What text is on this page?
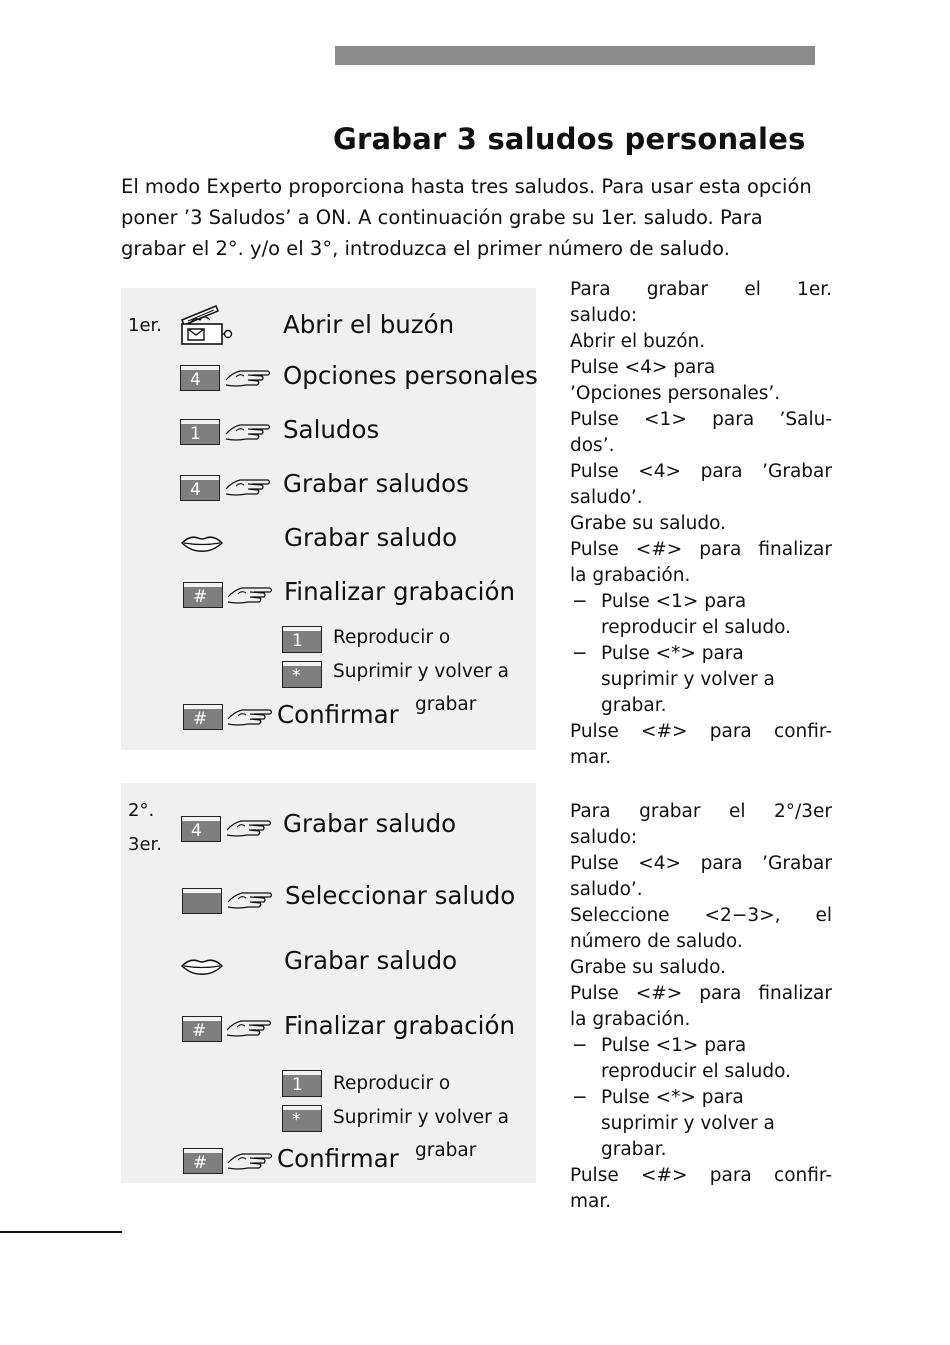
Grabar 3 saludos personales
El modo Experto proporciona hasta tres saludos. Para usar esta opción
poner ’3 Saludos’ a ON. A continuación grabe su 1er. saludo. Para
grabar el 2°. y/o el 3°, introduzca el primer número de saludo.
1er.	Abrir el buzón
4	Opciones personales
1	Saludos
4	Grabar saludos
Grabar saludo
#	Finalizar grabación
1	Reproducir o
*	Suprimir y volver a
grabar
#	Confirmar
2°.
3er.
4	Grabar saludo
Seleccionar saludo
Grabar saludo
#	Finalizar grabación
1	Reproducir o
*	Suprimir y volver a
grabar
#	Confirmar
Para grabar el 1er.
saludo:
Abrir el buzón.
Pulse <4> para
’Opciones personales’.
Pulse <1> para ’Salu-
dos’.
Pulse <4> para ’Grabar
saludo’.
Grabe su saludo.
Pulse <#> para finalizar
la grabación.
− Pulse <1> para
reproducir el saludo.
− Pulse <*> para
suprimir y volver a
grabar.
Pulse <#> para confir-
mar.
Para grabar el 2°/3er
saludo:
Pulse <4> para ’Grabar
saludo’.
Seleccione <2−3>, el
número de saludo.
Grabe su saludo.
Pulse <#> para finalizar
la grabación.
− Pulse <1> para
reproducir el saludo.
− Pulse <*> para
suprimir y volver a
grabar.
Pulse <#> para confir-
mar.
